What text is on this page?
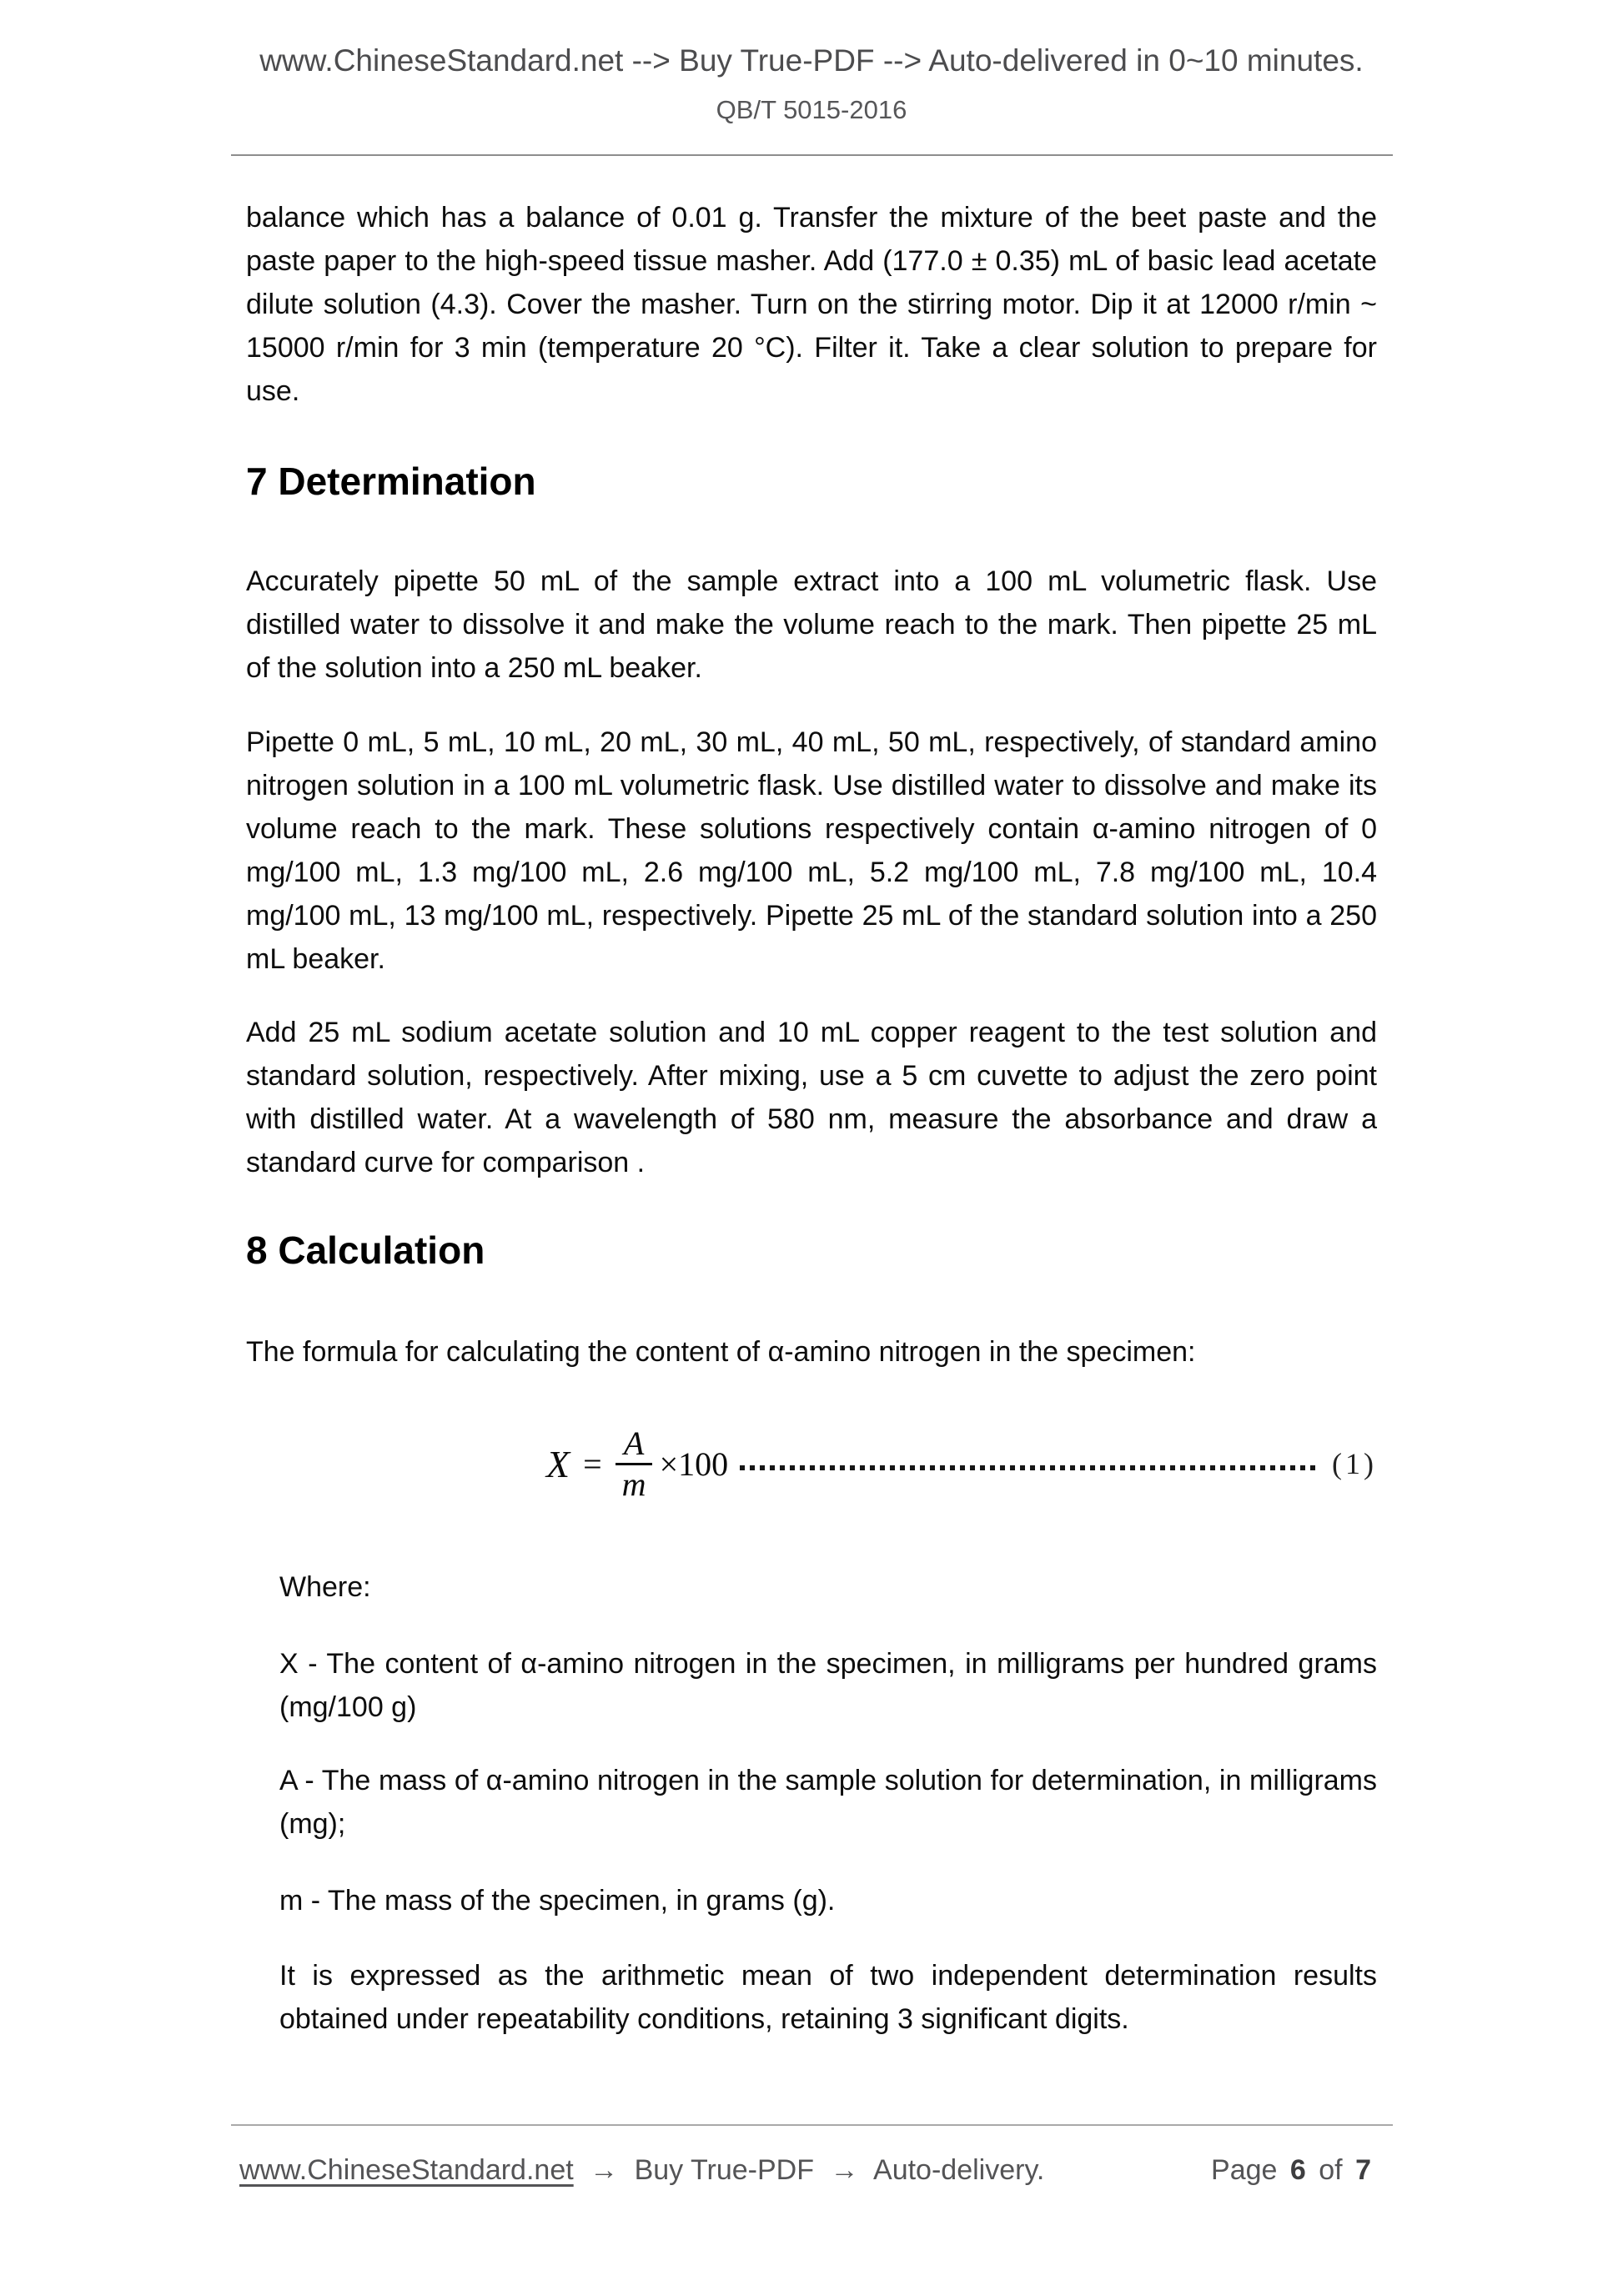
www.ChineseStandard.net --> Buy True-PDF --> Auto-delivered in 0~10 minutes.
QB/T 5015-2016

balance which has a balance of 0.01 g. Transfer the mixture of the beet paste and the paste paper to the high-speed tissue masher. Add (177.0 ± 0.35) mL of basic lead acetate dilute solution (4.3). Cover the masher. Turn on the stirring motor. Dip it at 12000 r/min ~ 15000 r/min for 3 min (temperature 20 °C). Filter it. Take a clear solution to prepare for use.

7 Determination

Accurately pipette 50 mL of the sample extract into a 100 mL volumetric flask. Use distilled water to dissolve it and make the volume reach to the mark. Then pipette 25 mL of the solution into a 250 mL beaker.

Pipette 0 mL, 5 mL, 10 mL, 20 mL, 30 mL, 40 mL, 50 mL, respectively, of standard amino nitrogen solution in a 100 mL volumetric flask. Use distilled water to dissolve and make its volume reach to the mark. These solutions respectively contain α-amino nitrogen of 0 mg/100 mL, 1.3 mg/100 mL, 2.6 mg/100 mL, 5.2 mg/100 mL, 7.8 mg/100 mL, 10.4 mg/100 mL, 13 mg/100 mL, respectively. Pipette 25 mL of the standard solution into a 250 mL beaker.

Add 25 mL sodium acetate solution and 10 mL copper reagent to the test solution and standard solution, respectively. After mixing, use a 5 cm cuvette to adjust the zero point with distilled water. At a wavelength of 580 nm, measure the absorbance and draw a standard curve for comparison .

8 Calculation

The formula for calculating the content of α-amino nitrogen in the specimen:

$X = \frac{A}{m} \times 100$	(1)

Where:

X - The content of α-amino nitrogen in the specimen, in milligrams per hundred grams (mg/100 g)

A - The mass of α-amino nitrogen in the sample solution for determination, in milligrams (mg);

m - The mass of the specimen, in grams (g).

It is expressed as the arithmetic mean of two independent determination results obtained under repeatability conditions, retaining 3 significant digits.

www.ChineseStandard.net → Buy True-PDF → Auto-delivery.	Page 6 of 7
